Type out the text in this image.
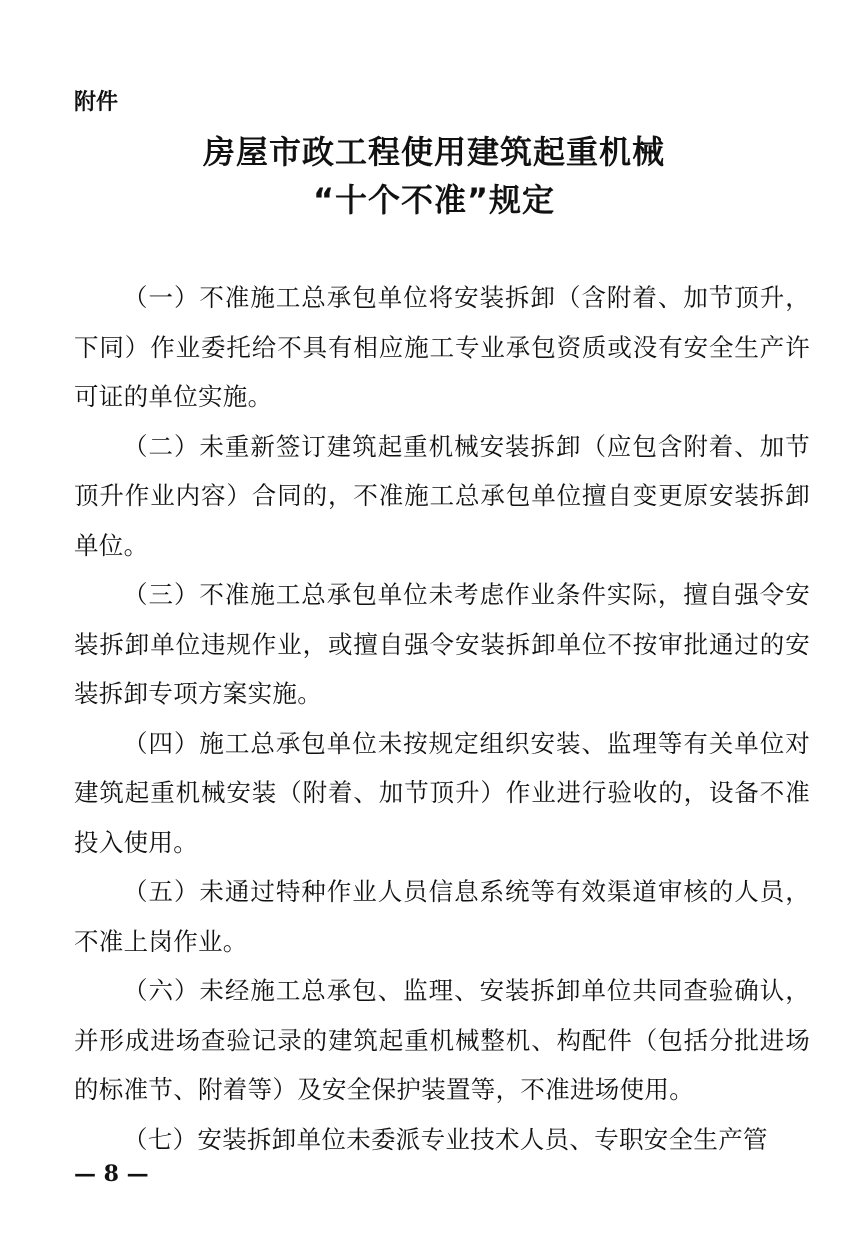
附件
房屋市政工程使用建筑起重机械
“十个不准”规定

（一）不准施工总承包单位将安装拆卸（含附着、加节顶升，下同）作业委托给不具有相应施工专业承包资质或没有安全生产许可证的单位实施。

（二）未重新签订建筑起重机械安装拆卸（应包含附着、加节顶升作业内容）合同的，不准施工总承包单位擅自变更原安装拆卸单位。

（三）不准施工总承包单位未考虑作业条件实际，擅自强令安装拆卸单位违规作业，或擅自强令安装拆卸单位不按审批通过的安装拆卸专项方案实施。

（四）施工总承包单位未按规定组织安装、监理等有关单位对建筑起重机械安装（附着、加节顶升）作业进行验收的，设备不准投入使用。

（五）未通过特种作业人员信息系统等有效渠道审核的人员，不准上岗作业。

（六）未经施工总承包、监理、安装拆卸单位共同查验确认，并形成进场查验记录的建筑起重机械整机、构配件（包括分批进场的标准节、附着等）及安全保护装置等，不准进场使用。

（七）安装拆卸单位未委派专业技术人员、专职安全生产管

— 8 —
